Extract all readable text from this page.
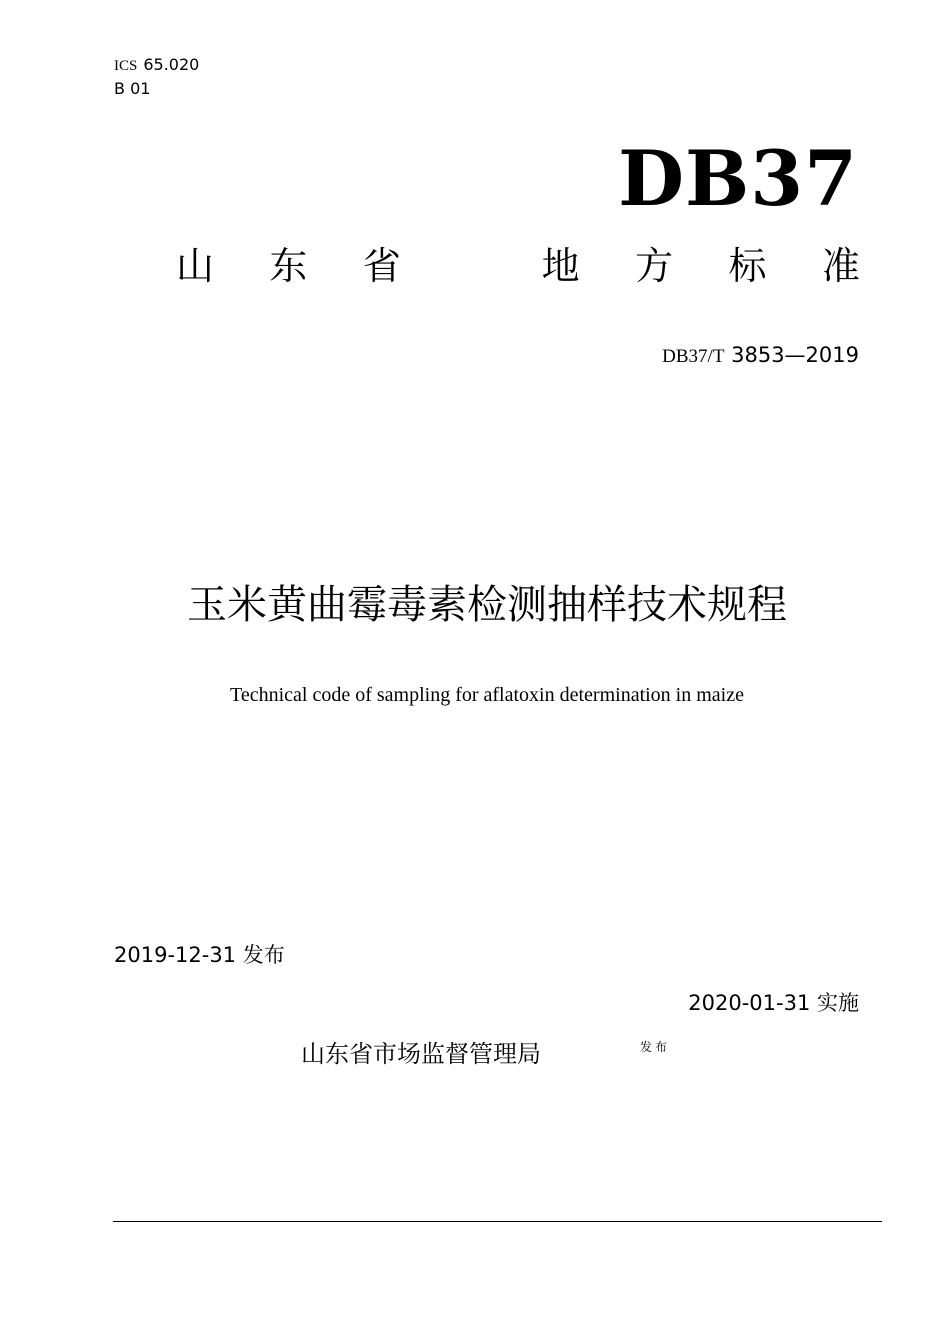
ICS 65.020
B 01
DB37
山 东 省	地 方 标 准
DB37/T 3853—2019
玉米黄曲霉毒素检测抽样技术规程
Technical code of sampling for aflatoxin determination in maize
2019-12-31 发布
2020-01-31 实施
山东省市场监督管理局	发布
